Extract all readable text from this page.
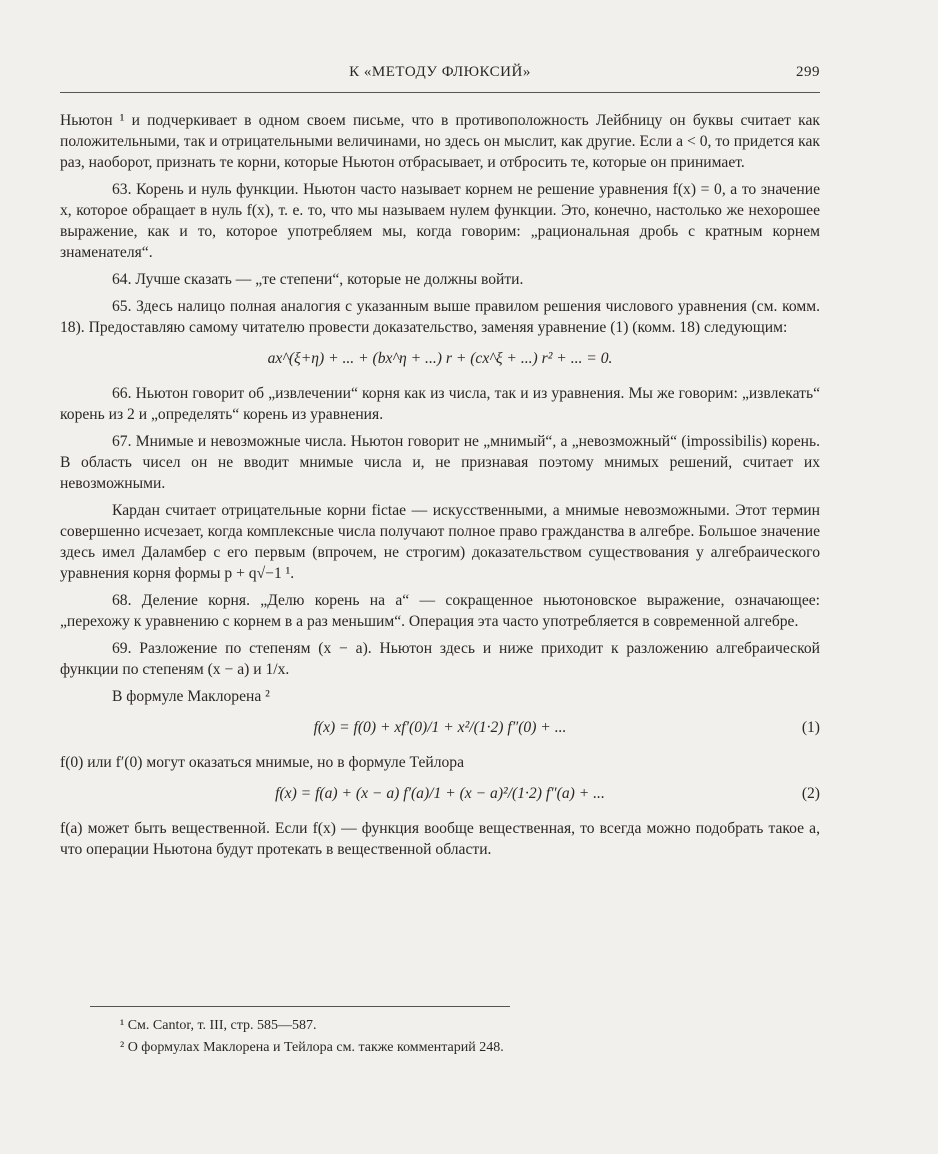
К «МЕТОДУ ФЛЮКСИЙ»	299

Ньютон ¹ и подчеркивает в одном своем письме, что в противоположность Лейбницу он буквы считает как положительными, так и отрицательными величинами, но здесь он мыслит, как другие. Если a < 0, то придется как раз, наоборот, признать те корни, которые Ньютон отбрасывает, и отбросить те, которые он принимает.

63. Корень и нуль функции. Ньютон часто называет корнем не решение уравнения f(x) = 0, а то значение x, которое обращает в нуль f(x), т. е. то, что мы называем нулем функции. Это, конечно, настолько же нехорошее выражение, как и то, которое употребляем мы, когда говорим: „рациональная дробь с кратным корнем знаменателя“.

64. Лучше сказать — „те степени“, которые не должны войти.

65. Здесь налицо полная аналогия с указанным выше правилом решения числового уравнения (см. комм. 18). Предоставляю самому читателю провести доказательство, заменяя уравнение (1) (комм. 18) следующим:

ax^(ξ+η) + ... + (bx^η + ...) r + (cx^ξ + ...) r² + ... = 0.

66. Ньютон говорит об „извлечении“ корня как из числа, так и из уравнения. Мы же говорим: „извлекать“ корень из 2 и „определять“ корень из уравнения.

67. Мнимые и невозможные числа. Ньютон говорит не „мнимый“, а „невозможный“ (impossibilis) корень. В область чисел он не вводит мнимые числа и, не признавая поэтому мнимых решений, считает их невозможными.

Кардан считает отрицательные корни fictae — искусственными, а мнимые невозможными. Этот термин совершенно исчезает, когда комплексные числа получают полное право гражданства в алгебре. Большое значение здесь имел Даламбер с его первым (впрочем, не строгим) доказательством существования у алгебраического уравнения корня формы p + q√−1 ¹.

68. Деление корня. „Делю корень на a“ — сокращенное ньютоновское выражение, означающее: „перехожу к уравнению с корнем в a раз меньшим“. Операция эта часто употребляется в современной алгебре.

69. Разложение по степеням (x − a). Ньютон здесь и ниже приходит к разложению алгебраической функции по степеням (x − a) и 1/x.

В формуле Маклорена ²

f(x) = f(0) + xf′(0)/1 + x²/(1·2) f″(0) + ...	(1)

f(0) или f′(0) могут оказаться мнимые, но в формуле Тейлора

f(x) = f(a) + (x − a) f′(a)/1 + (x − a)²/(1·2) f″(a) + ...	(2)

f(a) может быть вещественной. Если f(x) — функция вообще вещественная, то всегда можно подобрать такое a, что операции Ньютона будут протекать в вещественной области.

¹ См. Cantor, т. III, стр. 585—587.

² О формулах Маклорена и Тейлора см. также комментарий 248.
